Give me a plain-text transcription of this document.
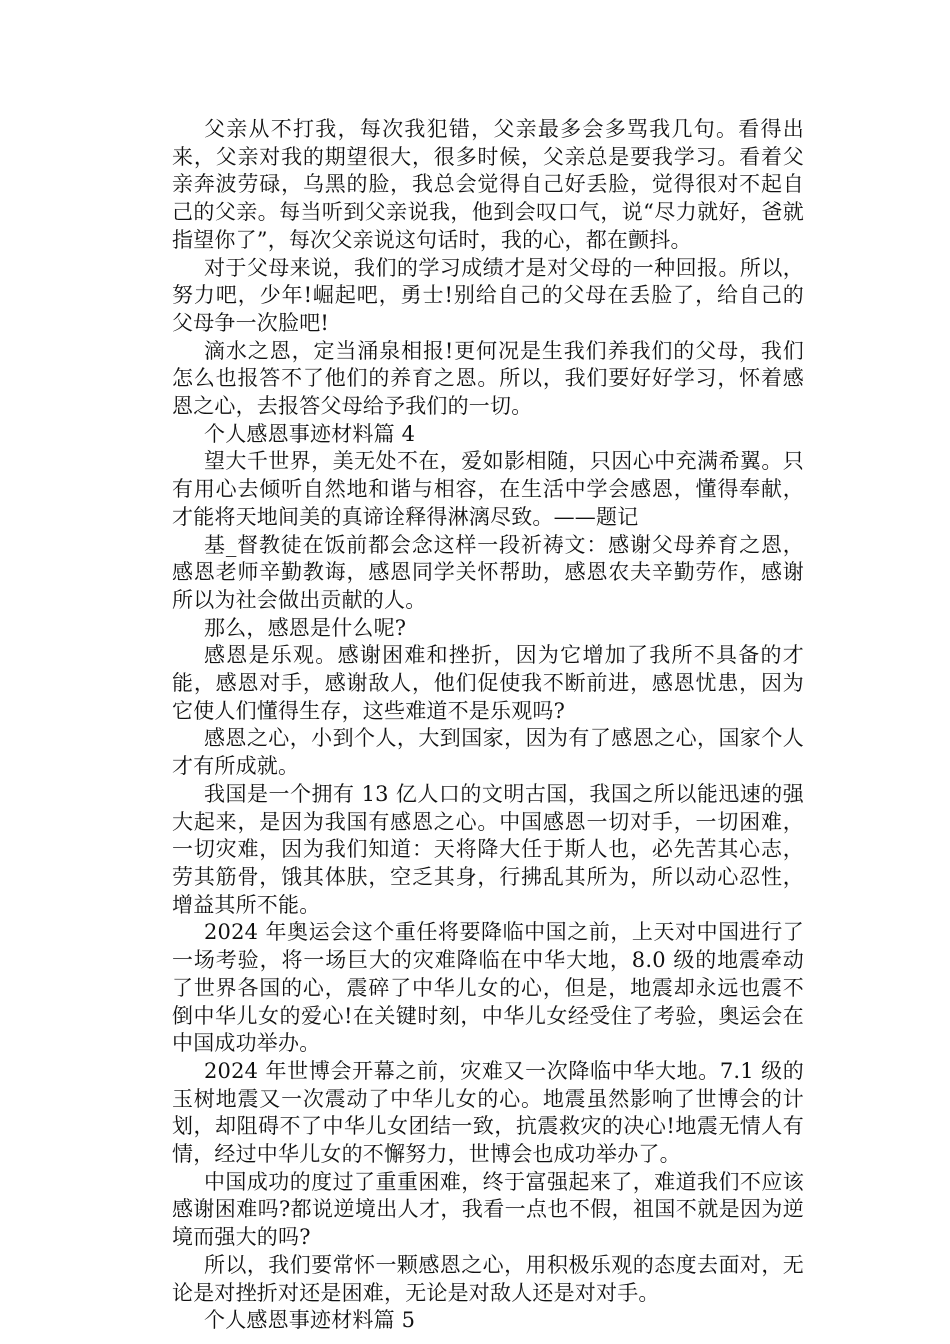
父亲从不打我，每次我犯错，父亲最多会多骂我几句。看得出来，父亲对我的期望很大，很多时候，父亲总是要我学习。看着父亲奔波劳碌，乌黑的脸，我总会觉得自己好丢脸，觉得很对不起自己的父亲。每当听到父亲说我，他到会叹口气，说“尽力就好，爸就指望你了”，每次父亲说这句话时，我的心，都在颤抖。

对于父母来说，我们的学习成绩才是对父母的一种回报。所以，努力吧，少年!崛起吧，勇士!别给自己的父母在丢脸了，给自己的父母争一次脸吧!

滴水之恩，定当涌泉相报!更何况是生我们养我们的父母，我们怎么也报答不了他们的养育之恩。所以，我们要好好学习，怀着感恩之心，去报答父母给予我们的一切。

个人感恩事迹材料篇 4

望大千世界，美无处不在，爱如影相随，只因心中充满希翼。只有用心去倾听自然地和谐与相容，在生活中学会感恩，懂得奉献，才能将天地间美的真谛诠释得淋漓尽致。——题记

基_督教徒在饭前都会念这样一段祈祷文：感谢父母养育之恩，感恩老师辛勤教诲，感恩同学关怀帮助，感恩农夫辛勤劳作，感谢所以为社会做出贡献的人。

那么，感恩是什么呢?

感恩是乐观。感谢困难和挫折，因为它增加了我所不具备的才能，感恩对手，感谢敌人，他们促使我不断前进，感恩忧患，因为它使人们懂得生存，这些难道不是乐观吗?

感恩之心，小到个人，大到国家，因为有了感恩之心，国家个人才有所成就。

我国是一个拥有 13 亿人口的文明古国，我国之所以能迅速的强大起来，是因为我国有感恩之心。中国感恩一切对手，一切困难，一切灾难，因为我们知道：天将降大任于斯人也，必先苦其心志，劳其筋骨，饿其体肤，空乏其身，行拂乱其所为，所以动心忍性，增益其所不能。

2024 年奥运会这个重任将要降临中国之前，上天对中国进行了一场考验，将一场巨大的灾难降临在中华大地，8.0 级的地震牵动了世界各国的心，震碎了中华儿女的心，但是，地震却永远也震不倒中华儿女的爱心!在关键时刻，中华儿女经受住了考验，奥运会在中国成功举办。

2024 年世博会开幕之前，灾难又一次降临中华大地。7.1 级的玉树地震又一次震动了中华儿女的心。地震虽然影响了世博会的计划，却阻碍不了中华儿女团结一致，抗震救灾的决心!地震无情人有情，经过中华儿女的不懈努力，世博会也成功举办了。

中国成功的度过了重重困难，终于富强起来了，难道我们不应该感谢困难吗?都说逆境出人才，我看一点也不假，祖国不就是因为逆境而强大的吗?

所以，我们要常怀一颗感恩之心，用积极乐观的态度去面对，无论是对挫折对还是困难，无论是对敌人还是对对手。

个人感恩事迹材料篇 5
